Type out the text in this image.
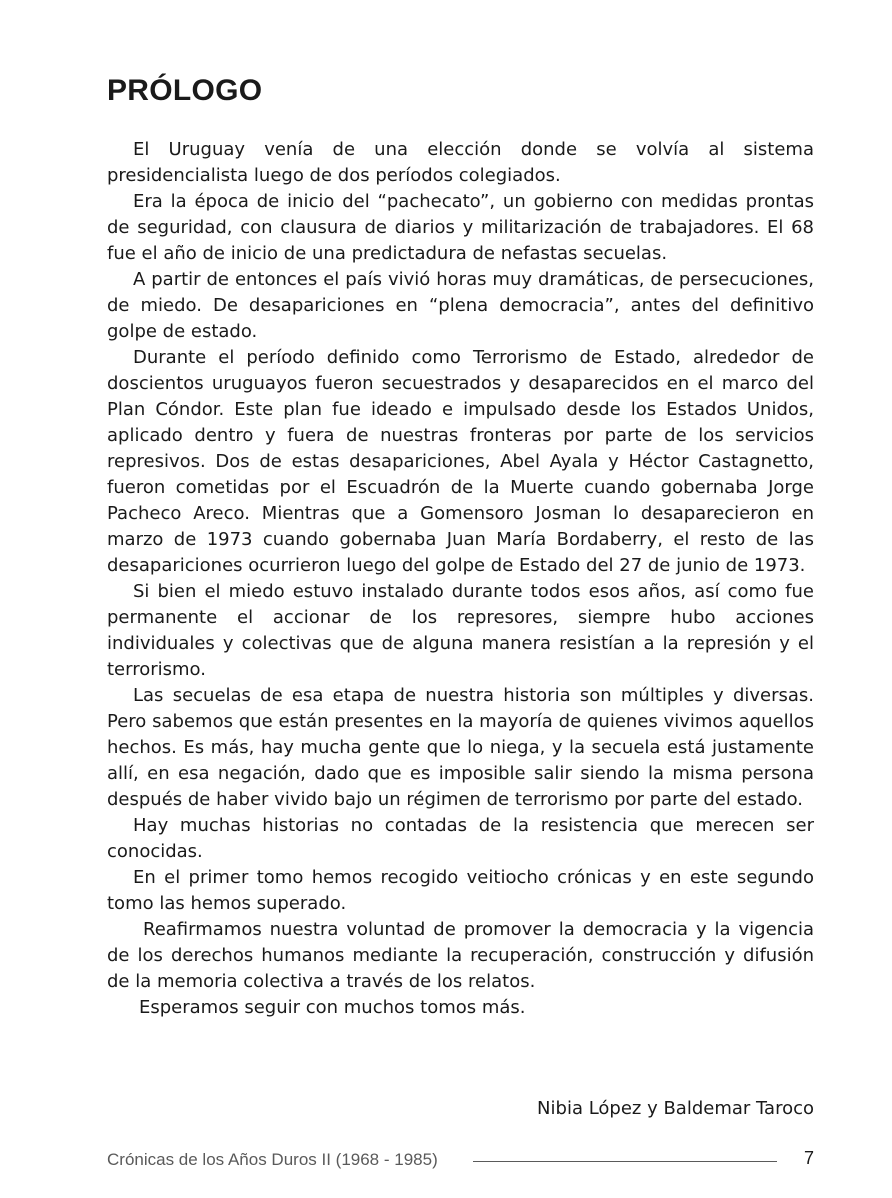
PRÓLOGO

El Uruguay venía de una elección donde se volvía al sistema presidencialista luego de dos períodos colegiados.

Era la época de inicio del “pachecato”, un gobierno con medidas prontas de seguridad, con clausura de diarios y militarización de trabajadores. El 68 fue el año de inicio de una predictadura de nefastas secuelas.

A partir de entonces el país vivió horas muy dramáticas, de persecuciones, de miedo. De desapariciones en “plena democracia”, antes del definitivo golpe de estado.

Durante el período definido como Terrorismo de Estado, alrededor de doscientos uruguayos fueron secuestrados y desaparecidos en el marco del Plan Cóndor. Este plan fue ideado e impulsado desde los Estados Unidos, aplicado dentro y fuera de nuestras fronteras por parte de los servicios represivos. Dos de estas desapariciones, Abel Ayala y Héctor Castagnetto, fueron cometidas por el Escuadrón de la Muerte cuando gobernaba Jorge Pacheco Areco. Mientras que a Gomensoro Josman lo desaparecieron en marzo de 1973 cuando gobernaba Juan María Bordaberry, el resto de las desapariciones ocurrieron luego del golpe de Estado del 27 de junio de 1973.

Si bien el miedo estuvo instalado durante todos esos años, así como fue permanente el accionar de los represores, siempre hubo acciones individuales y colectivas que de alguna manera resistían a la represión y el terrorismo.

Las secuelas de esa etapa de nuestra historia son múltiples y diversas. Pero sabemos que están presentes en la mayoría de quienes vivimos aquellos hechos. Es más, hay mucha gente que lo niega, y la secuela está justamente allí, en esa negación, dado que es imposible salir siendo la misma persona después de haber vivido bajo un régimen de terrorismo por parte del estado.

Hay muchas historias no contadas de la resistencia que merecen ser conocidas.

En el primer tomo hemos recogido veitiocho crónicas y en este segundo tomo las hemos superado.

Reafirmamos nuestra voluntad de promover la democracia y la vigencia de los derechos humanos mediante la recuperación, construcción y difusión de la memoria colectiva a través de los relatos.

Esperamos seguir con muchos tomos más.

Nibia López y Baldemar Taroco
Crónicas de los Años Duros II (1968 - 1985)	7
